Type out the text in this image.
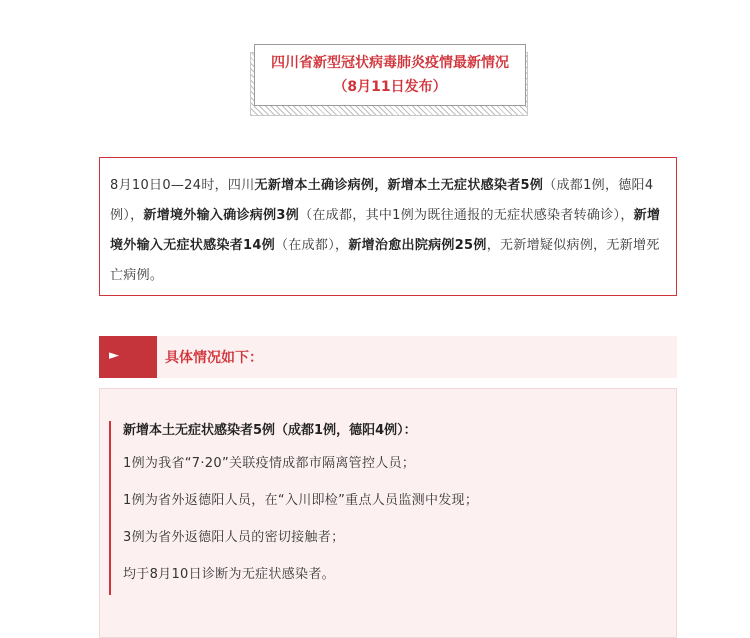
四川省新型冠状病毒肺炎疫情最新情况
（8月11日发布）
8月10日0—24时，四川无新增本土确诊病例，新增本土无症状感染者5例（成都1例，德阳4例），新增境外输入确诊病例3例（在成都，其中1例为既往通报的无症状感染者转确诊），新增境外输入无症状感染者14例（在成都），新增治愈出院病例25例，无新增疑似病例，无新增死亡病例。
►	具体情况如下：
新增本土无症状感染者5例（成都1例，德阳4例）：
1例为我省“7·20”关联疫情成都市隔离管控人员；
1例为省外返德阳人员，在“入川即检”重点人员监测中发现；
3例为省外返德阳人员的密切接触者；
均于8月10日诊断为无症状感染者。
